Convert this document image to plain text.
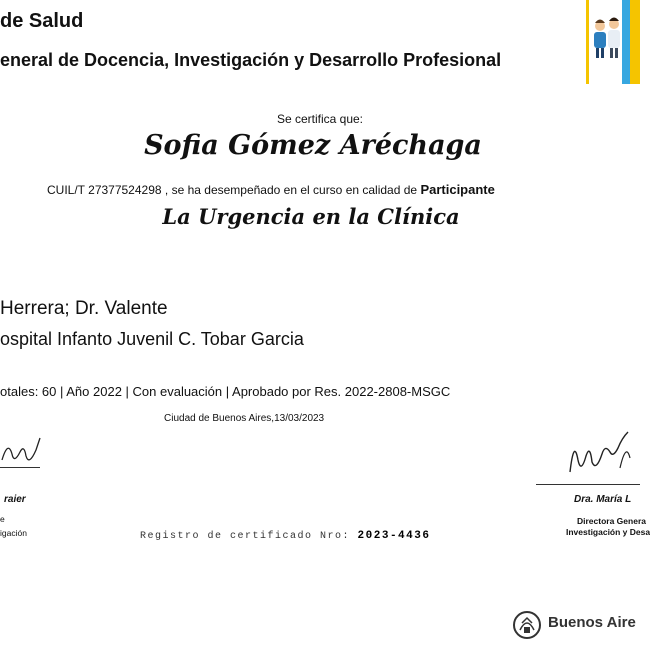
de Salud
eneral de Docencia, Investigación y Desarrollo Profesional
Se certifica que:
Sofia Gómez Aréchaga
CUIL/T 27377524298 , se ha desempeñado en el curso en calidad de Participante
La Urgencia en la Clínica
Herrera; Dr. Valente
ospital Infanto Juvenil C. Tobar Garcia
otales: 60 | Año 2022 | Con evaluación | Aprobado por Res. 2022-2808-MSGC
Ciudad de Buenos Aires,13/03/2023
raier
e
igación
Dra. María L
Directora Genera
Investigación y Desa
Registro de certificado Nro: 2023-4436
Buenos Aire
